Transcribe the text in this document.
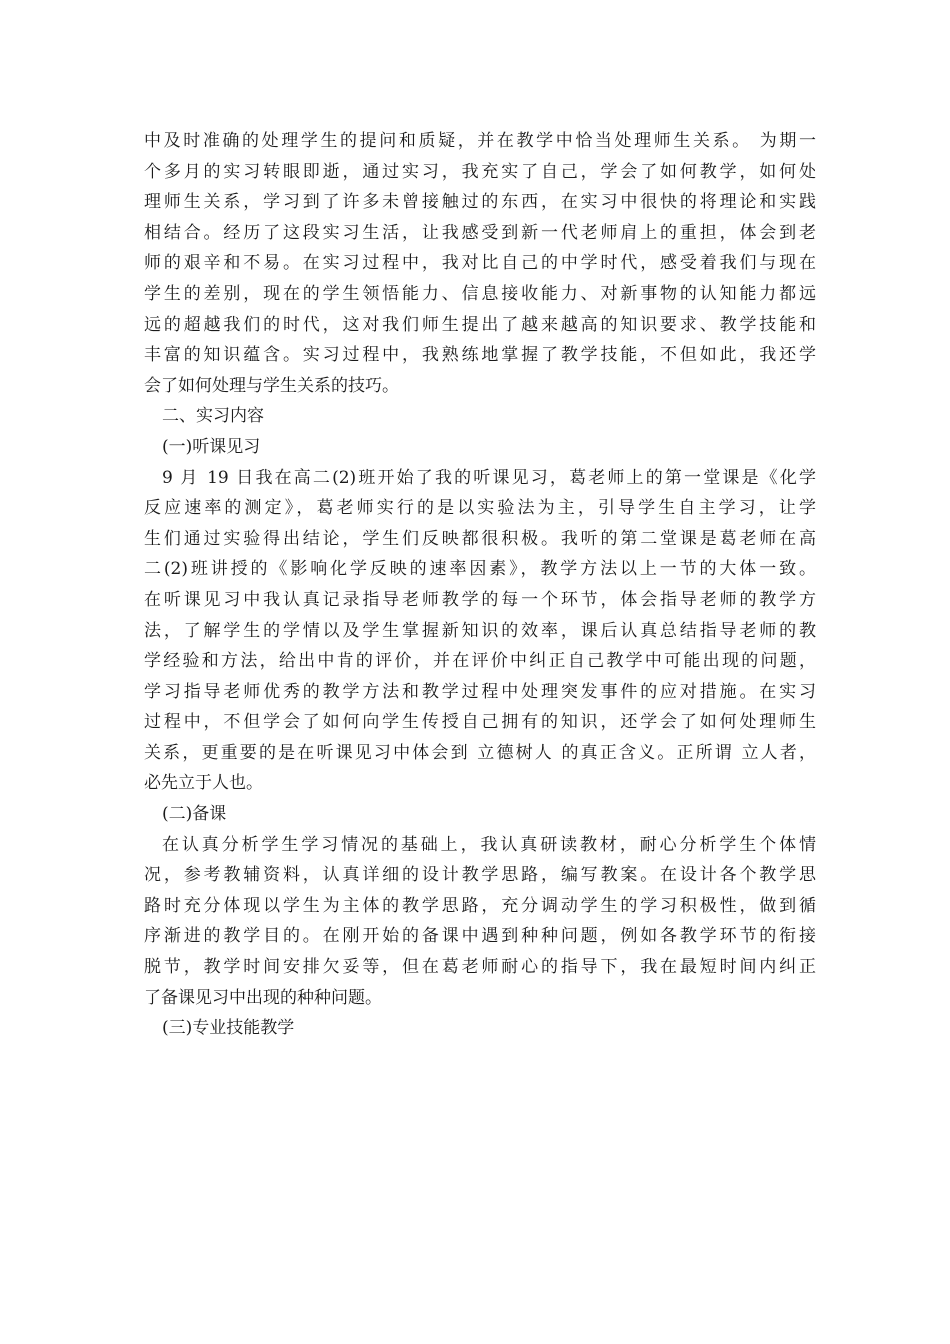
中及时准确的处理学生的提问和质疑，并在教学中恰当处理师生关系。 为期一
个多月的实习转眼即逝，通过实习，我充实了自己，学会了如何教学，如何处
理师生关系，学习到了许多未曾接触过的东西，在实习中很快的将理论和实践
相结合。经历了这段实习生活，让我感受到新一代老师肩上的重担，体会到老
师的艰辛和不易。在实习过程中，我对比自己的中学时代，感受着我们与现在
学生的差别，现在的学生领悟能力、信息接收能力、对新事物的认知能力都远
远的超越我们的时代，这对我们师生提出了越来越高的知识要求、教学技能和
丰富的知识蕴含。实习过程中，我熟练地掌握了教学技能，不但如此，我还学
会了如何处理与学生关系的技巧。
二、实习内容
(一)听课见习
9 月 19 日我在高二(2)班开始了我的听课见习，葛老师上的第一堂课是《化学
反应速率的测定》，葛老师实行的是以实验法为主，引导学生自主学习，让学
生们通过实验得出结论，学生们反映都很积极。我听的第二堂课是葛老师在高
二(2)班讲授的《影响化学反映的速率因素》，教学方法以上一节的大体一致。
在听课见习中我认真记录指导老师教学的每一个环节，体会指导老师的教学方
法，了解学生的学情以及学生掌握新知识的效率，课后认真总结指导老师的教
学经验和方法，给出中肯的评价，并在评价中纠正自己教学中可能出现的问题，
学习指导老师优秀的教学方法和教学过程中处理突发事件的应对措施。在实习
过程中，不但学会了如何向学生传授自己拥有的知识，还学会了如何处理师生
关系，更重要的是在听课见习中体会到 立德树人 的真正含义。正所谓 立人者，
必先立于人也。
(二)备课
在认真分析学生学习情况的基础上，我认真研读教材，耐心分析学生个体情
况，参考教辅资料，认真详细的设计教学思路，编写教案。在设计各个教学思
路时充分体现以学生为主体的教学思路，充分调动学生的学习积极性，做到循
序渐进的教学目的。在刚开始的备课中遇到种种问题，例如各教学环节的衔接
脱节，教学时间安排欠妥等，但在葛老师耐心的指导下，我在最短时间内纠正
了备课见习中出现的种种问题。
(三)专业技能教学
